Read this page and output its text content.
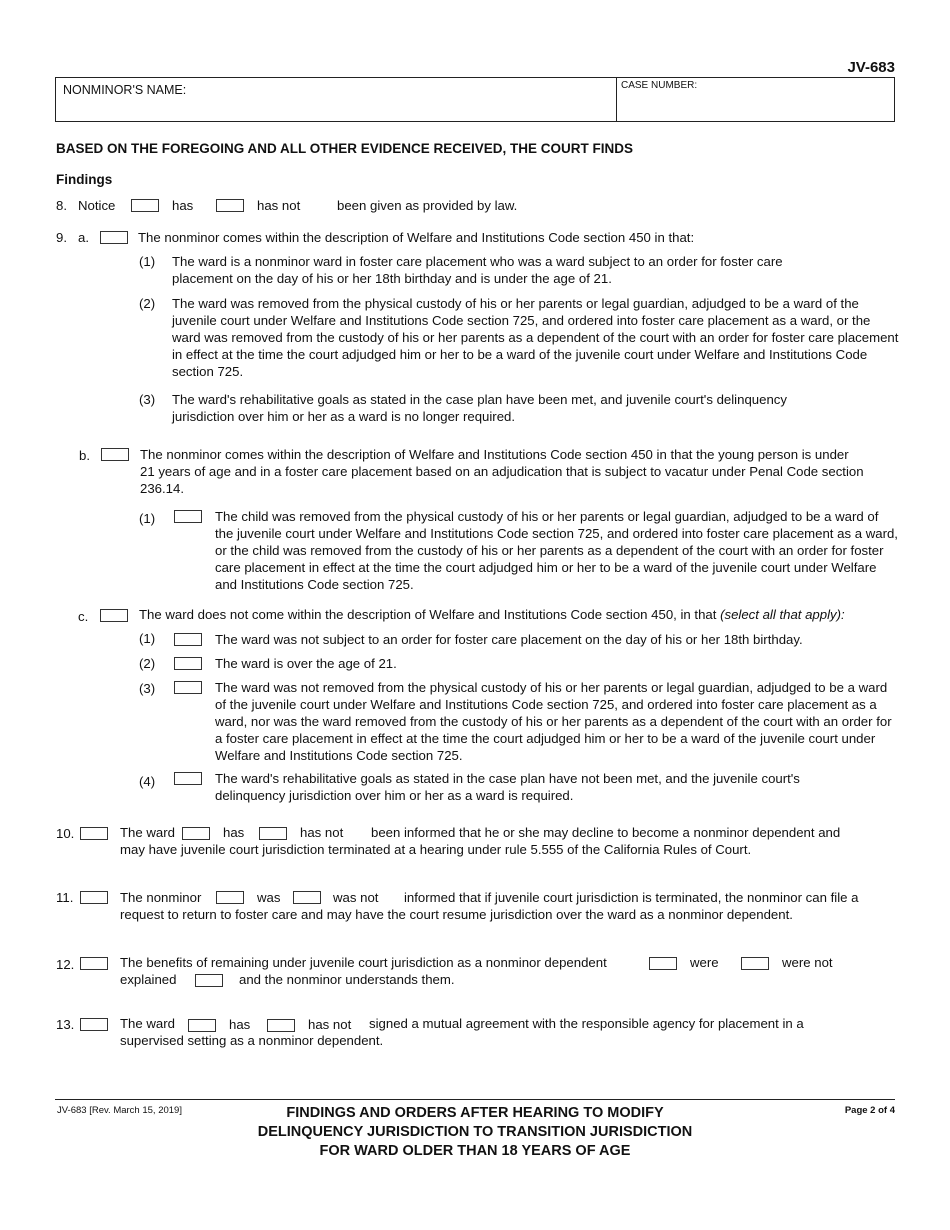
JV-683
NONMINOR'S NAME:	CASE NUMBER:
BASED ON THE FOREGOING AND ALL OTHER EVIDENCE RECEIVED, THE COURT FINDS
Findings
8. Notice	has	has not	been given as provided by law.
9. a.	The nonminor comes within the description of Welfare and Institutions Code section 450 in that:
(1) The ward is a nonminor ward in foster care placement who was a ward subject to an order for foster care placement on the day of his or her 18th birthday and is under the age of 21.
(2) The ward was removed from the physical custody of his or her parents or legal guardian, adjudged to be a ward of the juvenile court under Welfare and Institutions Code section 725, and ordered into foster care placement as a ward, or the ward was removed from the custody of his or her parents as a dependent of the court with an order for foster care placement in effect at the time the court adjudged him or her to be a ward of the juvenile court under Welfare and Institutions Code section 725.
(3) The ward's rehabilitative goals as stated in the case plan have been met, and juvenile court's delinquency jurisdiction over him or her as a ward is no longer required.
b.	The nonminor comes within the description of Welfare and Institutions Code section 450 in that the young person is under 21 years of age and in a foster care placement based on an adjudication that is subject to vacatur under Penal Code section 236.14.
(1)	The child was removed from the physical custody of his or her parents or legal guardian, adjudged to be a ward of the juvenile court under Welfare and Institutions Code section 725, and ordered into foster care placement as a ward, or the child was removed from the custody of his or her parents as a dependent of the court with an order for foster care placement in effect at the time the court adjudged him or her to be a ward of the juvenile court under Welfare and Institutions Code section 725.
c.	The ward does not come within the description of Welfare and Institutions Code section 450, in that (select all that apply):
(1)	The ward was not subject to an order for foster care placement on the day of his or her 18th birthday.
(2)	The ward is over the age of 21.
(3)	The ward was not removed from the physical custody of his or her parents or legal guardian, adjudged to be a ward of the juvenile court under Welfare and Institutions Code section 725, and ordered into foster care placement as a ward, nor was the ward removed from the custody of his or her parents as a dependent of the court with an order for a foster care placement in effect at the time the court adjudged him or her to be a ward of the juvenile court under Welfare and Institutions Code section 725.
(4)	The ward's rehabilitative goals as stated in the case plan have not been met, and the juvenile court's delinquency jurisdiction over him or her as a ward is required.
10.	The ward	has	has not been informed that he or she may decline to become a nonminor dependent and
may have juvenile court jurisdiction terminated at a hearing under rule 5.555 of the California Rules of Court.
11.	The nonminor	was	was not informed that if juvenile court jurisdiction is terminated, the nonminor can file a
request to return to foster care and may have the court resume jurisdiction over the ward as a nonminor dependent.
12.	The benefits of remaining under juvenile court jurisdiction as a nonminor dependent	were	were not
explained	and the nonminor understands them.
13.	The ward	has	has not signed a mutual agreement with the responsible agency for placement in a
supervised setting as a nonminor dependent.
JV-683 [Rev. March 15, 2019]	FINDINGS AND ORDERS AFTER HEARING TO MODIFY
DELINQUENCY JURISDICTION TO TRANSITION JURISDICTION
FOR WARD OLDER THAN 18 YEARS OF AGE
Page 2 of 4
